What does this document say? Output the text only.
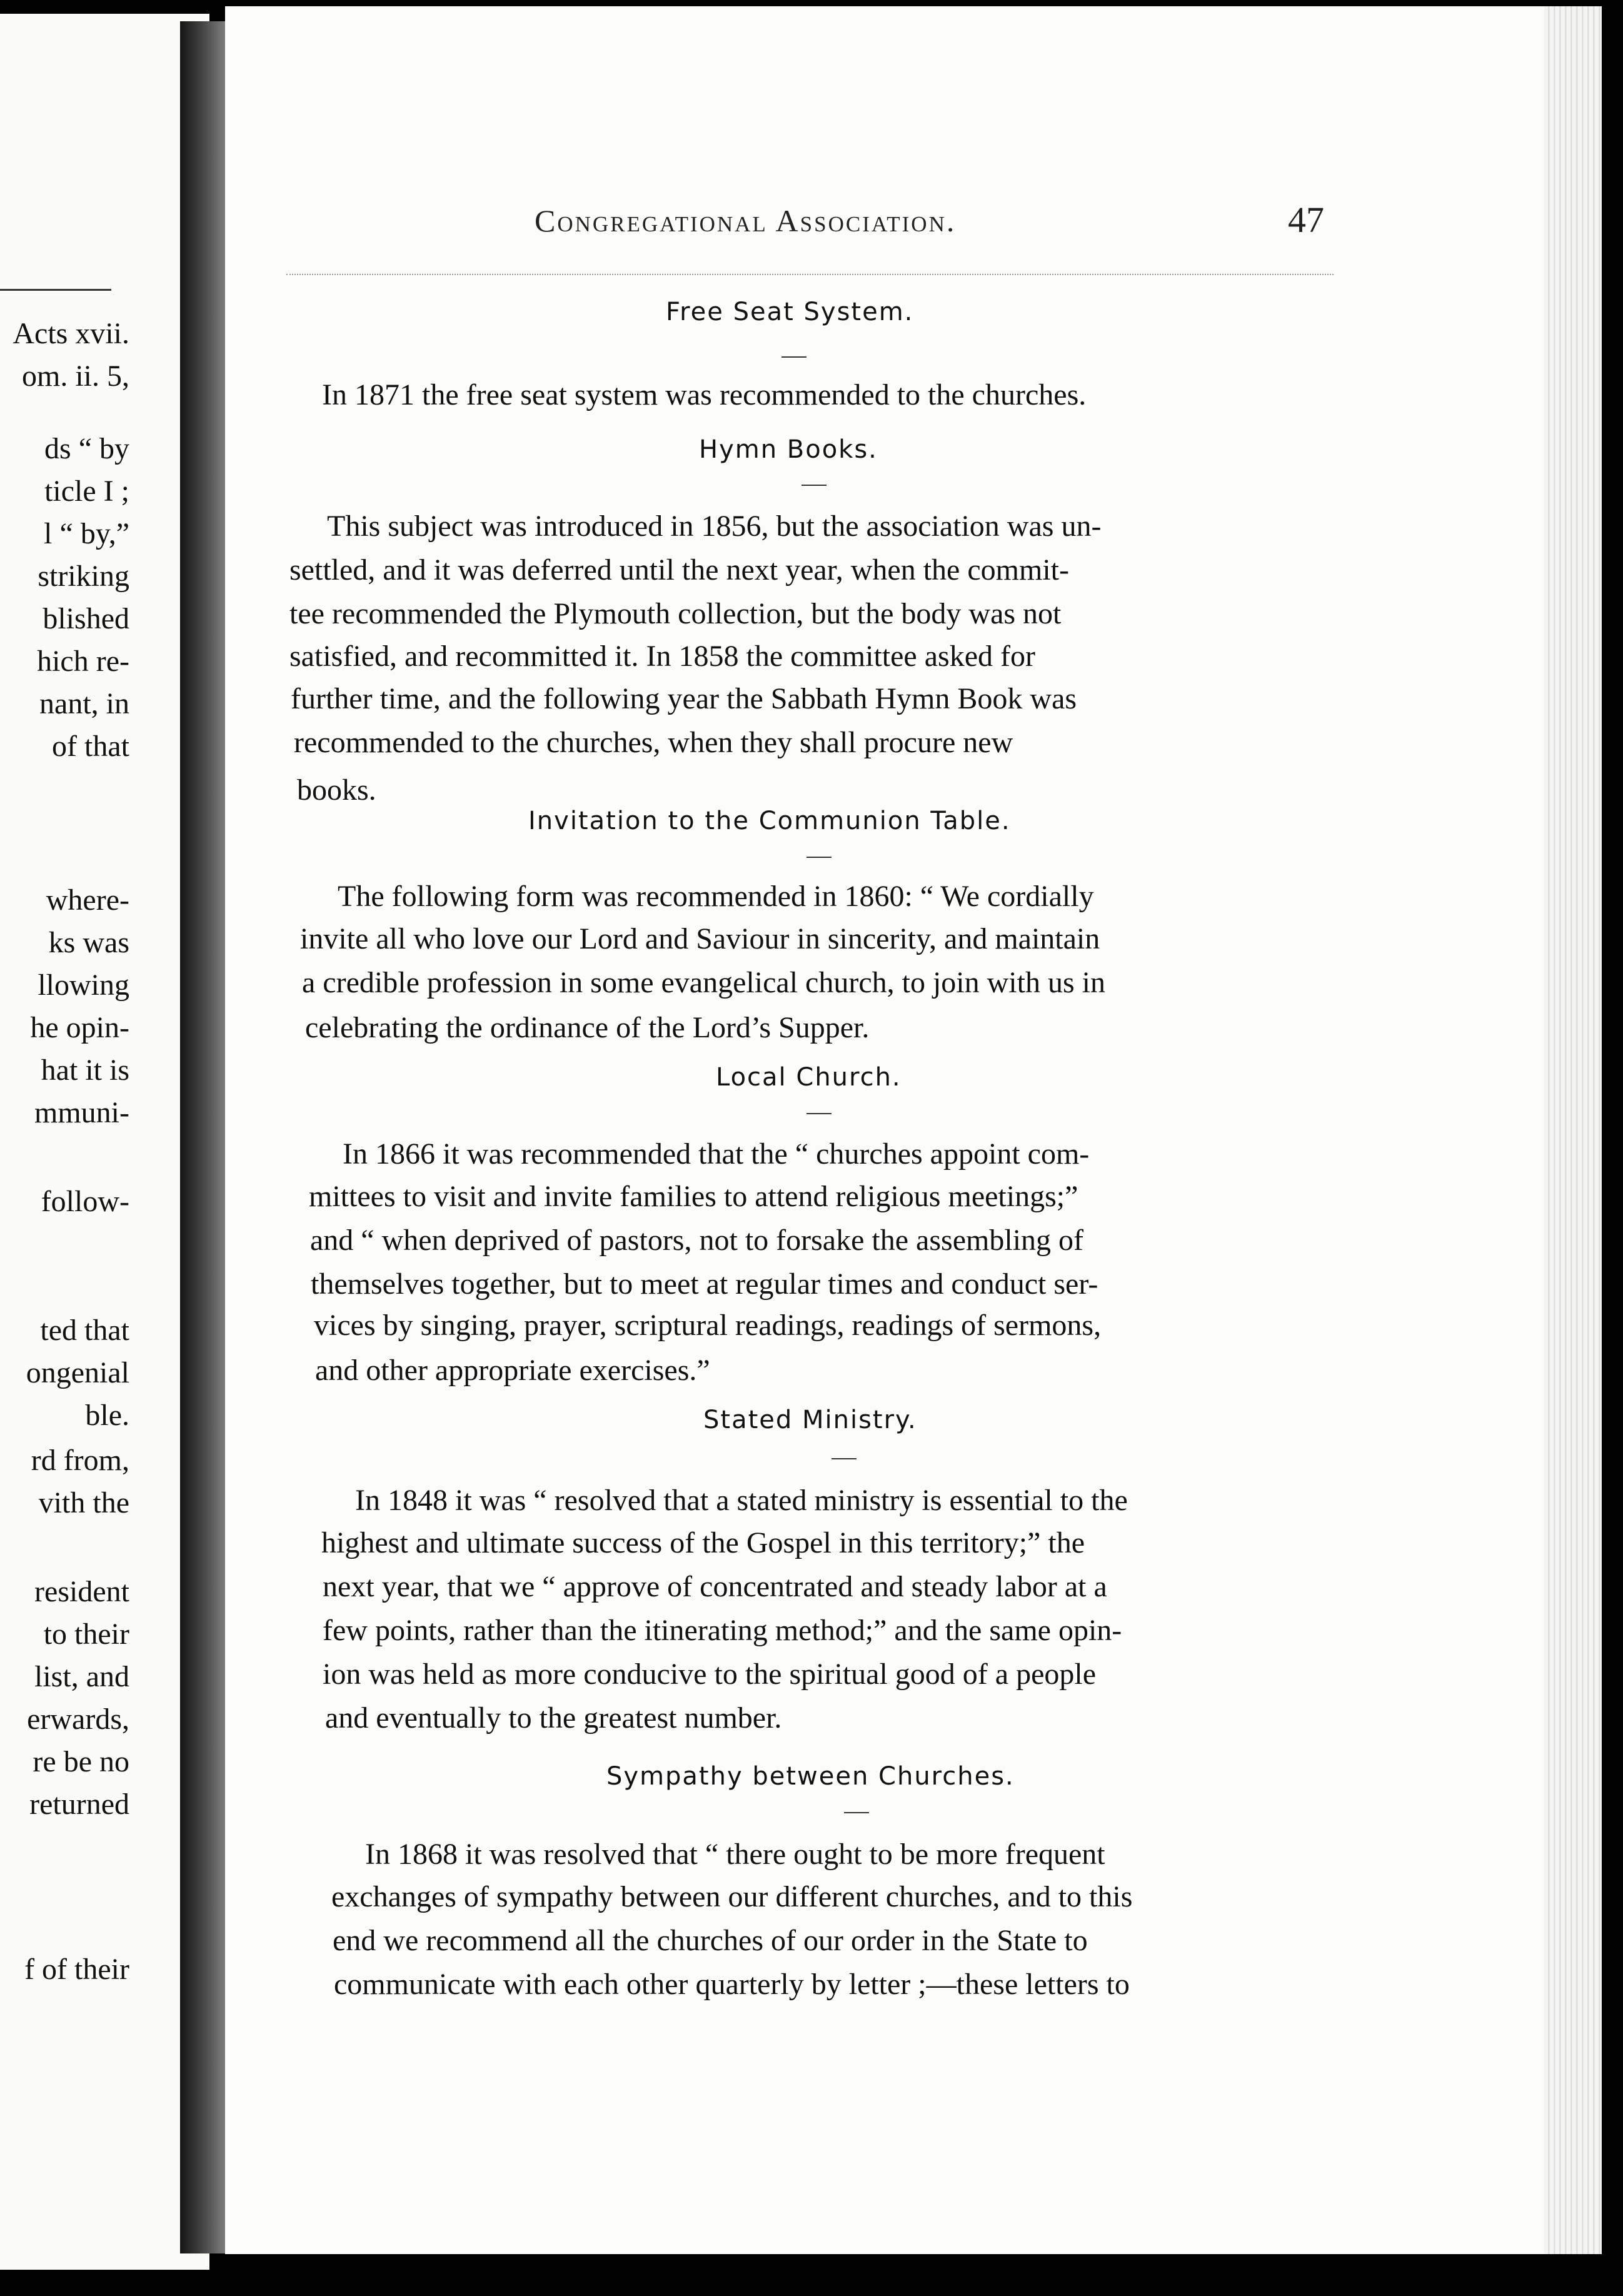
Acts xvii.
om. ii. 5,
ds “ by
ticle I ;
l “ by,”
striking
blished
hich re-
nant, in
of that
where-
ks was
llowing
he opin-
hat it is
mmuni-
follow-
ted that
ongenial
ble.
rd from,
vith the
resident
to their
list, and
erwards,
re be no
returned
f of their
Congregational Association.	47
Free Seat System.
In 1871 the free seat system was recommended to the churches.
Hymn Books.
This subject was introduced in 1856, but the association was un-
settled, and it was deferred until the next year, when the commit-
tee recommended the Plymouth collection, but the body was not
satisfied, and recommitted it. In 1858 the committee asked for
further time, and the following year the Sabbath Hymn Book was
recommended to the churches, when they shall procure new
books.
Invitation to the Communion Table.
The following form was recommended in 1860: “ We cordially
invite all who love our Lord and Saviour in sincerity, and maintain
a credible profession in some evangelical church, to join with us in
celebrating the ordinance of the Lord’s Supper.
Local Church.
In 1866 it was recommended that the “ churches appoint com-
mittees to visit and invite families to attend religious meetings;”
and “ when deprived of pastors, not to forsake the assembling of
themselves together, but to meet at regular times and conduct ser-
vices by singing, prayer, scriptural readings, readings of sermons,
and other appropriate exercises.”
Stated Ministry.
In 1848 it was “ resolved that a stated ministry is essential to the
highest and ultimate success of the Gospel in this territory;” the
next year, that we “ approve of concentrated and steady labor at a
few points, rather than the itinerating method;” and the same opin-
ion was held as more conducive to the spiritual good of a people
and eventually to the greatest number.
Sympathy between Churches.
In 1868 it was resolved that “ there ought to be more frequent
exchanges of sympathy between our different churches, and to this
end we recommend all the churches of our order in the State to
communicate with each other quarterly by letter ;—these letters to
